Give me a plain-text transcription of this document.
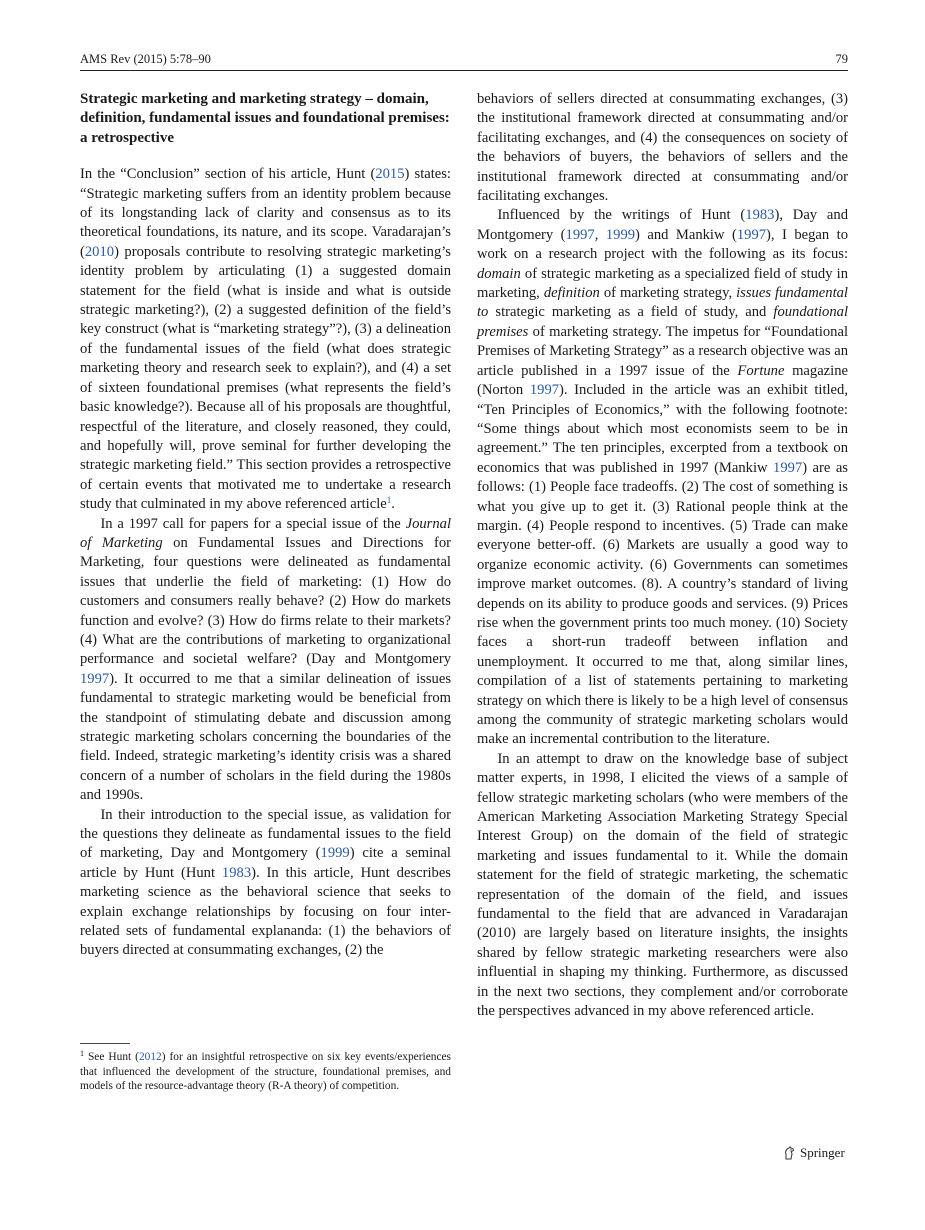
AMS Rev (2015) 5:78–90	79
Strategic marketing and marketing strategy – domain, definition, fundamental issues and foundational premises: a retrospective

In the “Conclusion” section of his article, Hunt (2015) states: “Strategic marketing suffers from an identity problem because of its longstanding lack of clarity and consensus as to its theoretical foundations, its nature, and its scope. Varadarajan’s (2010) proposals contribute to resolving strategic marketing’s identity problem by articulating (1) a suggested domain statement for the field (what is inside and what is outside strategic marketing?), (2) a suggested definition of the field’s key construct (what is “marketing strategy”?), (3) a delineation of the fundamental issues of the field (what does strategic marketing theory and research seek to explain?), and (4) a set of sixteen foundational premises (what represents the field’s basic knowledge?). Because all of his proposals are thoughtful, respectful of the literature, and closely reasoned, they could, and hopefully will, prove seminal for further developing the strategic marketing field.” This section provides a retrospective of certain events that motivated me to undertake a research study that culminated in my above referenced article$^1$.

In a 1997 call for papers for a special issue of the Journal of Marketing on Fundamental Issues and Directions for Marketing, four questions were delineated as fundamental issues that underlie the field of marketing: (1) How do customers and consumers really behave? (2) How do markets function and evolve? (3) How do firms relate to their markets? (4) What are the contributions of marketing to organizational performance and societal welfare? (Day and Montgomery 1997). It occurred to me that a similar delineation of issues fundamental to strategic marketing would be beneficial from the standpoint of stimulating debate and discussion among strategic marketing scholars concerning the boundaries of the field. Indeed, strategic marketing’s identity crisis was a shared concern of a number of scholars in the field during the 1980s and 1990s.

In their introduction to the special issue, as validation for the questions they delineate as fundamental issues to the field of marketing, Day and Montgomery (1999) cite a seminal article by Hunt (Hunt 1983). In this article, Hunt describes marketing science as the behavioral science that seeks to explain exchange relationships by focusing on four inter-related sets of fundamental explananda: (1) the behaviors of buyers directed at consummating exchanges, (2) the

$^1$ See Hunt (2012) for an insightful retrospective on six key events/experiences that influenced the development of the structure, foundational premises, and models of the resource-advantage theory (R-A theory) of competition.

behaviors of sellers directed at consummating exchanges, (3) the institutional framework directed at consummating and/or facilitating exchanges, and (4) the consequences on society of the behaviors of buyers, the behaviors of sellers and the institutional framework directed at consummating and/or facilitating exchanges.

Influenced by the writings of Hunt (1983), Day and Montgomery (1997, 1999) and Mankiw (1997), I began to work on a research project with the following as its focus: domain of strategic marketing as a specialized field of study in marketing, definition of marketing strategy, issues fundamental to strategic marketing as a field of study, and foundational premises of marketing strategy. The impetus for “Foundational Premises of Marketing Strategy” as a research objective was an article published in a 1997 issue of the Fortune magazine (Norton 1997). Included in the article was an exhibit titled, “Ten Principles of Economics,” with the following footnote: “Some things about which most economists seem to be in agreement.” The ten principles, excerpted from a textbook on economics that was published in 1997 (Mankiw 1997) are as follows: (1) People face tradeoffs. (2) The cost of something is what you give up to get it. (3) Rational people think at the margin. (4) People respond to incentives. (5) Trade can make everyone better-off. (6) Markets are usually a good way to organize economic activity. (6) Governments can sometimes improve market outcomes. (8). A country’s standard of living depends on its ability to produce goods and services. (9) Prices rise when the government prints too much money. (10) Society faces a short-run tradeoff between inflation and unemployment. It occurred to me that, along similar lines, compilation of a list of statements pertaining to marketing strategy on which there is likely to be a high level of consensus among the community of strategic marketing scholars would make an incremental contribution to the literature.

In an attempt to draw on the knowledge base of subject matter experts, in 1998, I elicited the views of a sample of fellow strategic marketing scholars (who were members of the American Marketing Association Marketing Strategy Special Interest Group) on the domain of the field of strategic marketing and issues fundamental to it. While the domain statement for the field of strategic marketing, the schematic representation of the domain of the field, and issues fundamental to the field that are advanced in Varadarajan (2010) are largely based on literature insights, the insights shared by fellow strategic marketing researchers were also influential in shaping my thinking. Furthermore, as discussed in the next two sections, they complement and/or corroborate the perspectives advanced in my above referenced article.

Springer
